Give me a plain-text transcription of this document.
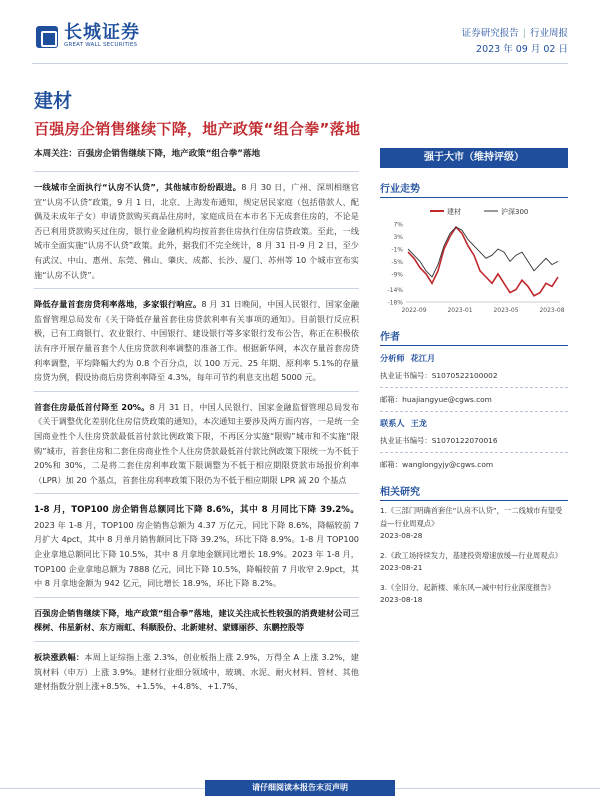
长城证券
GREAT WALL SECURITIES
证券研究报告 | 行业周报
2023 年 09 月 02 日
建材
百强房企销售继续下降，地产政策“组合拳”落地
本周关注：百强房企销售继续下降，地产政策“组合拳”落地

一线城市全面执行“认房不认贷”，其他城市纷纷跟进。8 月 30 日，广州、深圳相继官宣“认房不认贷”政策，9 月 1 日，北京、上海发布通知，规定居民家庭（包括借款人、配偶及未成年子女）申请贷款购买商品住房时，家庭成员在本市名下无成套住房的，不论是否已利用贷款购买过住房，银行业金融机构均按首套住房执行住房信贷政策。至此，一线城市全面实施“认房不认贷”政策。此外，据我们不完全统计，8 月 31 日-9 月 2 日，至少有武汉、中山、惠州、东莞、佛山、肇庆、成都、长沙、厦门、苏州等 10 个城市宣布实施“认房不认贷”。

降低存量首套房贷利率落地，多家银行响应。8 月 31 日晚间，中国人民银行、国家金融监督管理总局发布《关于降低存量首套住房贷款利率有关事项的通知》。目前银行反应积极，已有工商银行、农业银行、中国银行、建设银行等多家银行发布公告，称正在积极依法有序开展存量首套个人住房贷款利率调整的准备工作。根据新华网，本次存量首套房贷利率调整，平均降幅大约为 0.8 个百分点，以 100 万元、25 年期、原利率 5.1%的存量房贷为例，假设协商后房贷利率降至 4.3%，每年可节约利息支出超 5000 元。

首套住房最低首付降至 20%。8 月 31 日，中国人民银行、国家金融监督管理总局发布《关于调整优化差别化住房信贷政策的通知》，本次通知主要涉及两方面内容，一是统一全国商业性个人住房贷款最低首付款比例政策下限，不再区分实施“限购”城市和不实施“限购”城市，首套住房和二套住房商业性个人住房贷款最低首付款比例政策下限统一为不低于 20%和 30%，二是将二套住房利率政策下限调整为不低于相应期限贷款市场报价利率（LPR）加 20 个基点，首套住房利率政策下限仍为不低于相应期限 LPR 减 20 个基点

1-8 月，TOP100 房企销售总额同比下降 8.6%，其中 8 月同比下降 39.2%。2023 年 1-8 月，TOP100 房企销售总额为 4.37 万亿元，同比下降 8.6%，降幅较前 7 月扩大 4pct，其中 8 月单月销售额同比下降 39.2%，环比下降 8.9%。1-8 月 TOP100 企业拿地总额同比下降 10.5%，其中 8 月拿地金额同比增长 18.9%。2023 年 1-8 月，TOP100 企业拿地总额为 7888 亿元，同比下降 10.5%，降幅较前 7 月收窄 2.9pct，其中 8 月拿地金额为 942 亿元，同比增长 18.9%，环比下降 8.2%。

百强房企销售继续下降，地产政策“组合拳”落地，建议关注成长性较强的消费建材公司三棵树、伟星新材、东方雨虹、科顺股份、北新建材、蒙娜丽莎、东鹏控股等

板块涨跌幅：本周上证综指上涨 2.3%，创业板指上涨 2.9%，万得全 A 上涨 3.2%，建筑材料（申万）上涨 3.9%。建材行业细分领域中，玻璃、水泥、耐火材料、管材、其他建材指数分别上涨+8.5%、+1.5%、+4.8%、+1.7%、

强于大市（维持评级）
行业走势
建材	沪深300
7%
3%
-1%
-5%
-9%
-14%
-18%
2022-09	2023-01	2023-05	2023-08
作者
分析师 花江月
执业证书编号：S1070522100002
邮箱：huajiangyue@cgws.com
联系人 王龙
执业证书编号：S1070122070016
邮箱：wanglongyjy@cgws.com
相关研究
1.《三部门明确首套住“认房不认贷”，一二线城市有望受益—行业周观点》
2023-08-28
2.《政工场持续发力，基建投资增速放缓—行业周观点》
2023-08-21
3.《全旧分、起新楼、乘东风—减中村行业深度报告》
2023-08-18
请仔细阅读本报告末页声明
